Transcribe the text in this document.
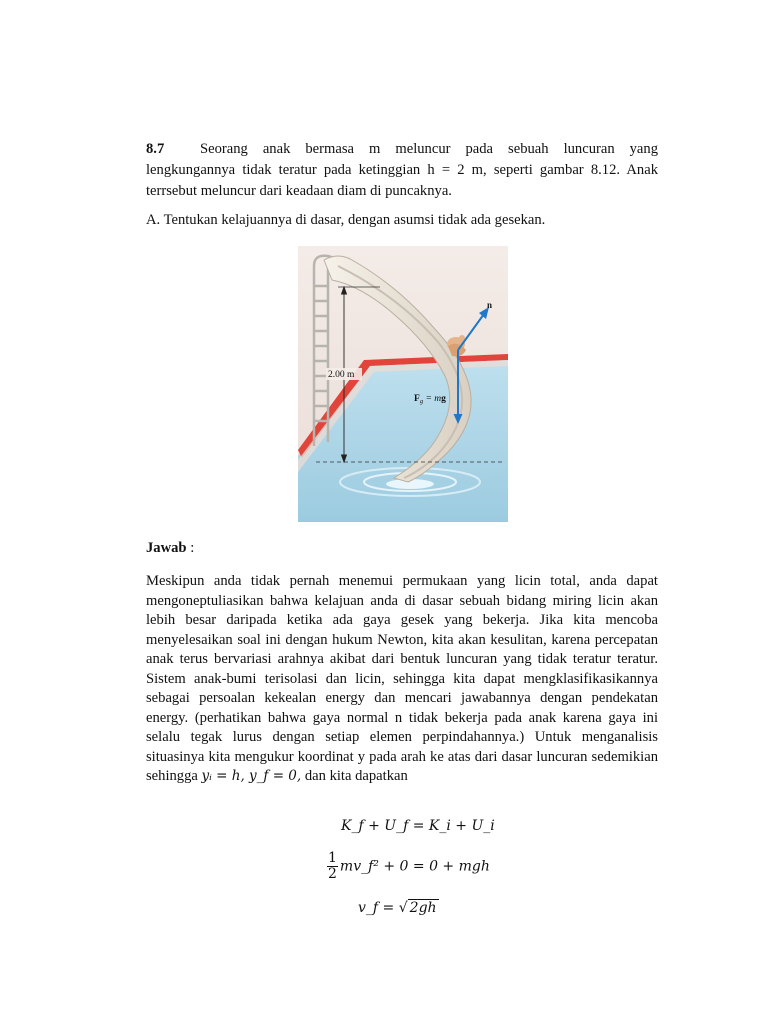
8.7 Seorang anak bermasa m meluncur pada sebuah luncuran yang lengkungannya tidak teratur pada ketinggian h = 2 m, seperti gambar 8.12. Anak terrsebut meluncur dari keadaan diam di puncaknya.
A. Tentukan kelajuannya di dasar, dengan asumsi tidak ada gesekan.
2.00 m
n
$F_g$ = mg
Jawab :
Meskipun anda tidak pernah menemui permukaan yang licin total, anda dapat mengoneptuliasikan bahwa kelajuan anda di dasar sebuah bidang miring licin akan lebih besar daripada ketika ada gaya gesek yang bekerja. Jika kita mencoba menyelesaikan soal ini dengan hukum Newton, kita akan kesulitan, karena percepatan anak terus bervariasi arahnya akibat dari bentuk luncuran yang tidak teratur teratur. Sistem anak-bumi terisolasi dan licin, sehingga kita dapat mengklasifikasikannya sebagai persoalan kekealan energy dan mencari jawabannya dengan pendekatan energy. (perhatikan bahwa gaya normal n tidak bekerja pada anak karena gaya ini selalu tegak lurus dengan setiap elemen perpindahannya.) Untuk menganalisis situasinya kita mengukur koordinat y pada arah ke atas dari dasar luncuran sedemikian sehingga yᵢ = h, y_f = 0, dan kita dapatkan
K_f + U_f = K_i + U_i
$\frac{1}{2}$ mv_f² + 0 = 0 + mgh
v_f = √ 2gh
